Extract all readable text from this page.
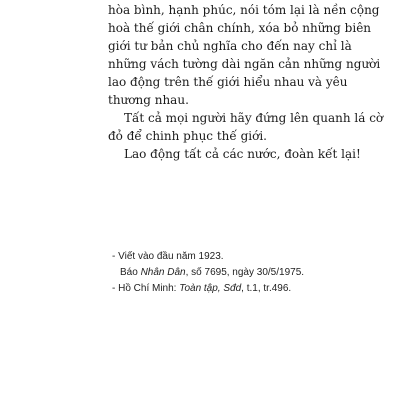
hòa bình, hạnh phúc, nói tóm lại là nền cộng
hoà thế giới chân chính, xóa bỏ những biên
giới tư bản chủ nghĩa cho đến nay chỉ là
những vách tường dài ngăn cản những người
lao động trên thế giới hiểu nhau và yêu
thương nhau.
Tất cả mọi người hãy đứng lên quanh lá cờ
đỏ để chinh phục thế giới.
Lao động tất cả các nước, đoàn kết lại!
- Viết vào đầu năm 1923.
Báo Nhân Dân, số 7695, ngày 30/5/1975.
- Hồ Chí Minh: Toàn tập, Sđd, t.1, tr.496.
